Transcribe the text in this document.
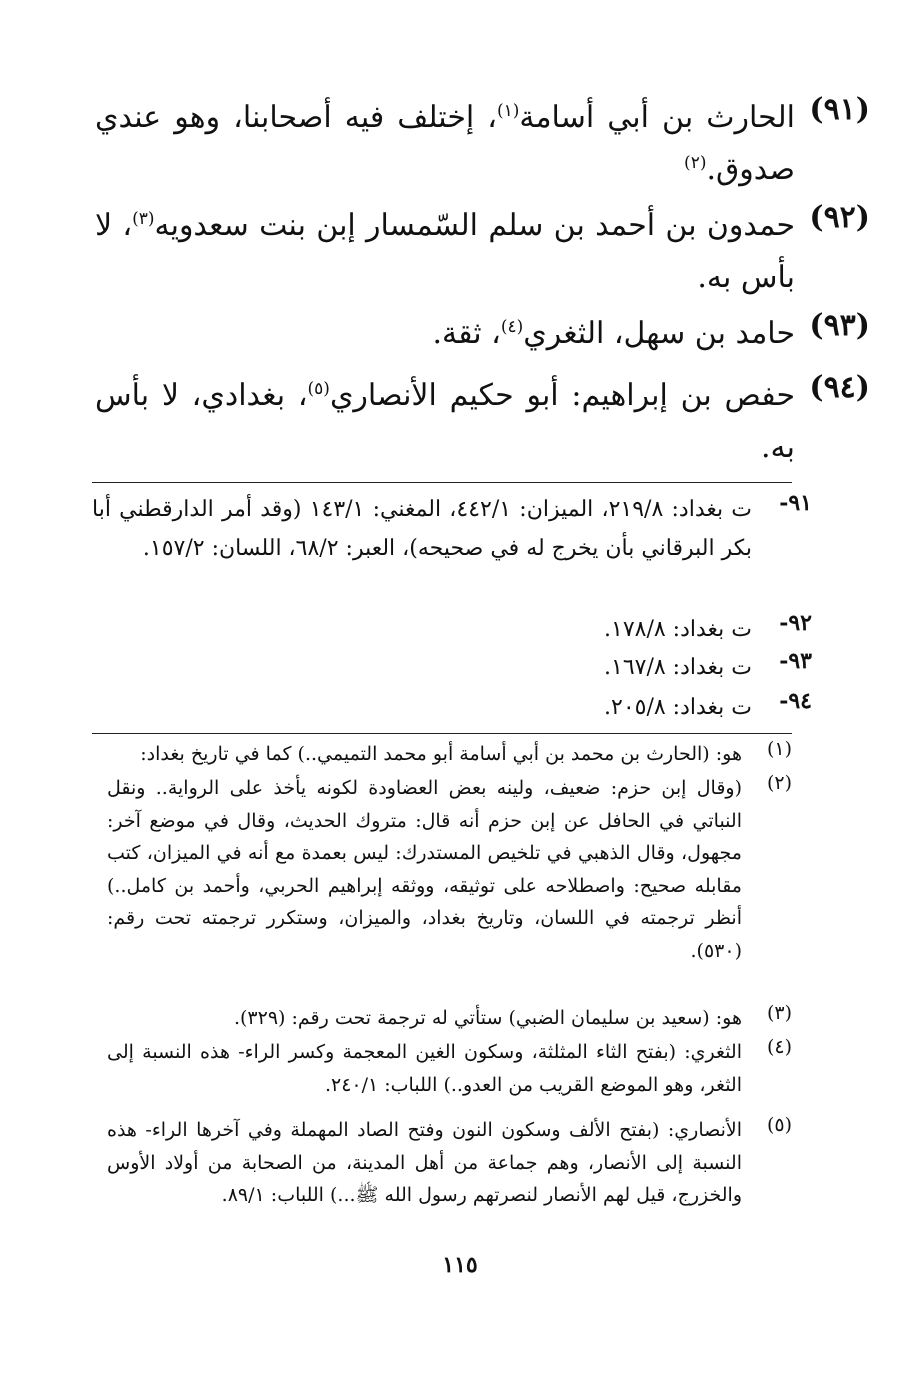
(٩١)
الحارث بن أبي أسامة$^{(١)}$، إختلف فيه أصحابنا، وهو عندي صدوق.$^{(٢)}$
(٩٢)
حمدون بن أحمد بن سلم السّمسار إبن بنت سعدويه$^{(٣)}$، لا بأس به.
(٩٣)
حامد بن سهل، الثغري$^{(٤)}$، ثقة.
(٩٤)
حفص بن إبراهيم: أبو حكيم الأنصاري$^{(٥)}$، بغدادي، لا بأس به.
٩١-
ت بغداد: ٢١٩/٨، الميزان: ٤٤٢/١، المغني: ١٤٣/١ (وقد أمر الدارقطني أبا بكر البرقاني بأن يخرج له في صحيحه)، العبر: ٦٨/٢، اللسان: ١٥٧/٢.
٩٢-
ت بغداد: ١٧٨/٨.
٩٣-
ت بغداد: ١٦٧/٨.
٩٤-
ت بغداد: ٢٠٥/٨.
(١)
هو: (الحارث بن محمد بن أبي أسامة أبو محمد التميمي..) كما في تاريخ بغداد:
(٢)
(وقال إبن حزم: ضعيف، ولينه بعض العضاودة لكونه يأخذ على الرواية.. ونقل النباتي في الحافل عن إبن حزم أنه قال: متروك الحديث، وقال في موضع آخر: مجهول، وقال الذهبي في تلخيص المستدرك: ليس بعمدة مع أنه في الميزان، كتب مقابله صحيح: واصطلاحه على توثيقه، ووثقه إبراهيم الحربي، وأحمد بن كامل..) أنظر ترجمته في اللسان، وتاريخ بغداد، والميزان، وستكرر ترجمته تحت رقم: (٥٣٠).
(٣)
هو: (سعيد بن سليمان الضبي) ستأتي له ترجمة تحت رقم: (٣٢٩).
(٤)
الثغري: (بفتح الثاء المثلثة، وسكون الغين المعجمة وكسر الراء- هذه النسبة إلى الثغر، وهو الموضع القريب من العدو..) اللباب: ٢٤٠/١.
(٥)
الأنصاري: (بفتح الألف وسكون النون وفتح الصاد المهملة وفي آخرها الراء- هذه النسبة إلى الأنصار، وهم جماعة من أهل المدينة، من الصحابة من أولاد الأوس والخزرج، قيل لهم الأنصار لنصرتهم رسول الله ﷺ...) اللباب: ٨٩/١.
١١٥
